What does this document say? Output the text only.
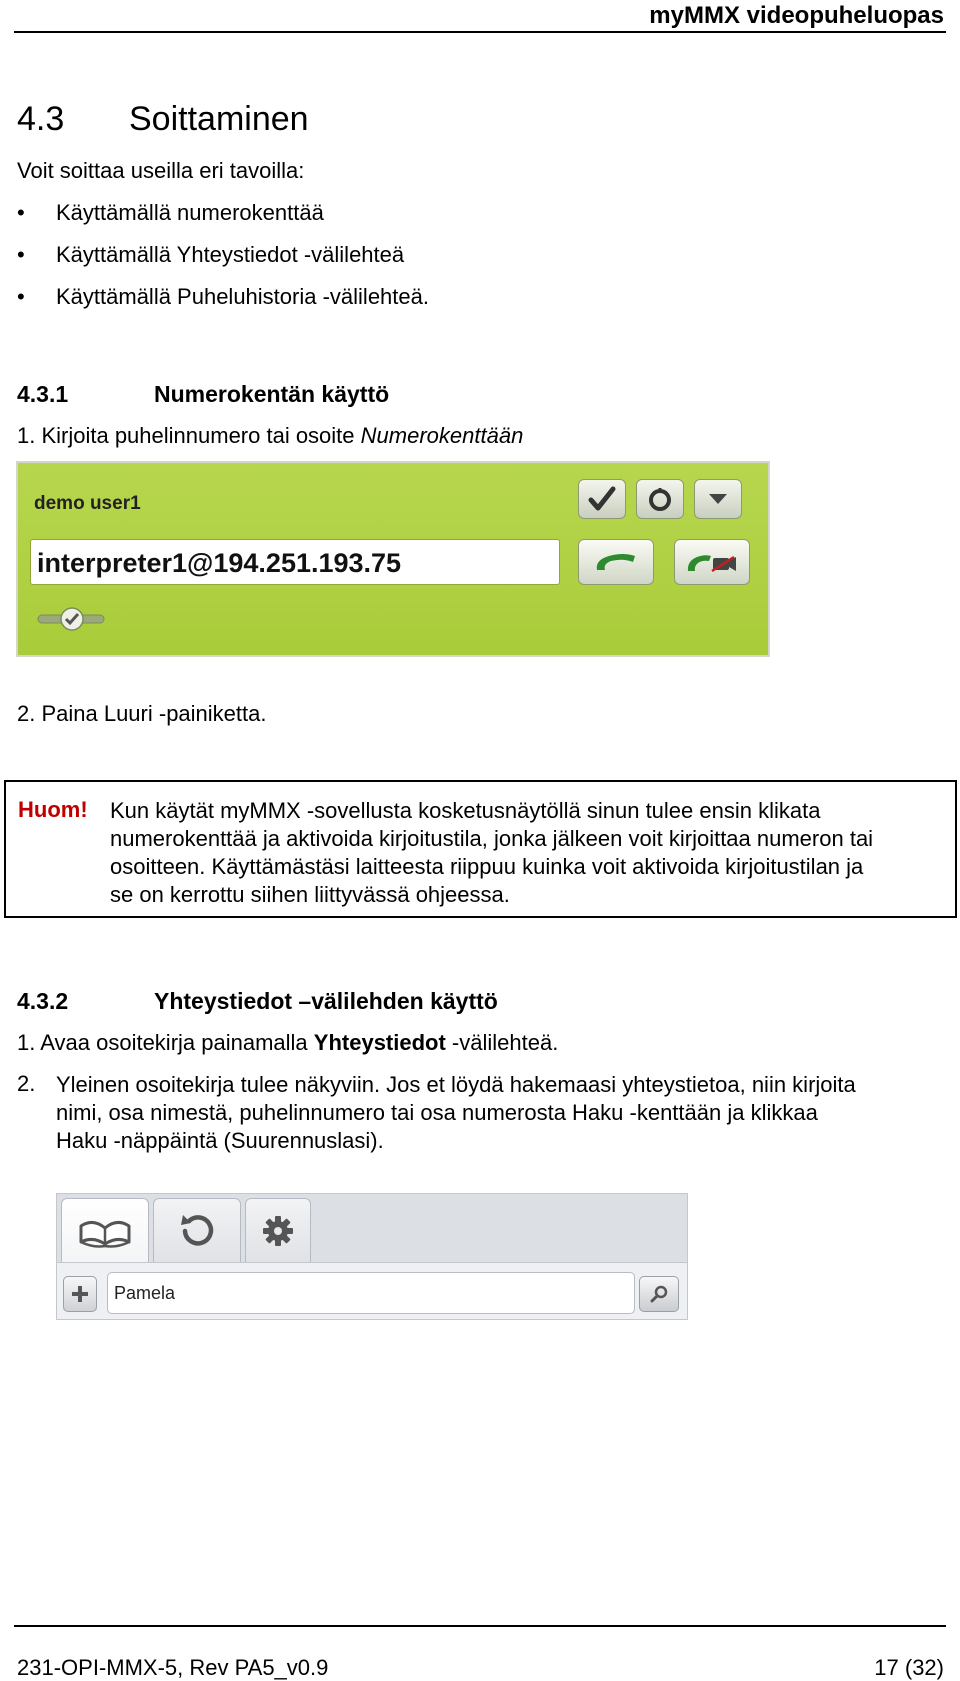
myMMX videopuheluopas
4.3 Soittaminen
Voit soittaa useilla eri tavoilla:
• Käyttämällä numerokenttää
• Käyttämällä Yhteystiedot -välilehteä
• Käyttämällä Puheluhistoria -välilehteä.
4.3.1	Numerokentän käyttö
1. Kirjoita puhelinnumero tai osoite Numerokenttään
demo user1
interpreter1@194.251.193.75
2. Paina Luuri -painiketta.
Huom! Kun käytät myMMX -sovellusta kosketusnäytöllä sinun tulee ensin klikata
numerokenttää ja aktivoida kirjoitustila, jonka jälkeen voit kirjoittaa numeron tai
osoitteen. Käyttämästäsi laitteesta riippuu kuinka voit aktivoida kirjoitustilan ja
se on kerrottu siihen liittyvässä ohjeessa.
4.3.2	Yhteystiedot –välilehden käyttö
1. Avaa osoitekirja painamalla Yhteystiedot -välilehteä.
2. Yleinen osoitekirja tulee näkyviin. Jos et löydä hakemaasi yhteystietoa, niin kirjoita
nimi, osa nimestä, puhelinnumero tai osa numerosta Haku -kenttään ja klikkaa
Haku -näppäintä (Suurennuslasi).
Pamela
231-OPI-MMX-5, Rev PA5_v0.9	17 (32)
